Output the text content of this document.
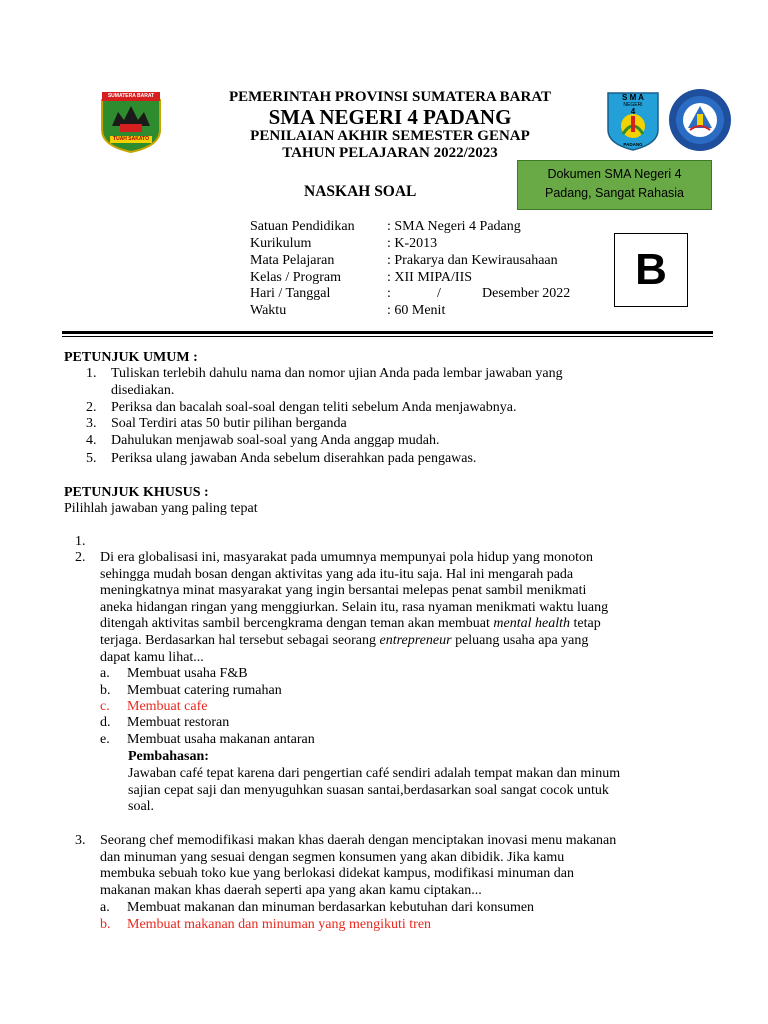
SUMATERA BARAT
TUAH SAKATO
PEMERINTAH PROVINSI SUMATERA BARAT
SMA NEGERI 4 PADANG
PENILAIAN AKHIR SEMESTER GENAP
TAHUN PELAJARAN 2022/2023
NASKAH SOAL
S M A
NEGERI
4
PADANG
Dokumen SMA Negeri 4
Padang, Sangat Rahasia
B
Satuan Pendidikan : SMA Negeri 4 Padang
Kurikulum	: K-2013
Mata Pelajaran	: Prakarya dan Kewirausahaan
Kelas / Program	: XII MIPA/IIS
Hari / Tanggal	:	/	Desember 2022
Waktu	: 60 Menit
PETUNJUK UMUM :
1. Tuliskan terlebih dahulu nama dan nomor ujian Anda pada lembar jawaban yang
disediakan.
2. Periksa dan bacalah soal-soal dengan teliti sebelum Anda menjawabnya.
3. Soal Terdiri atas 50 butir pilihan berganda
4. Dahulukan menjawab soal-soal yang Anda anggap mudah.
5. Periksa ulang jawaban Anda sebelum diserahkan pada pengawas.
PETUNJUK KHUSUS :
Pilihlah jawaban yang paling tepat
1.
2. Di era globalisasi ini, masyarakat pada umumnya mempunyai pola hidup yang monoton
sehingga mudah bosan dengan aktivitas yang ada itu-itu saja. Hal ini mengarah pada
meningkatnya minat masyarakat yang ingin bersantai melepas penat sambil menikmati
aneka hidangan ringan yang menggiurkan. Selain itu, rasa nyaman menikmati waktu luang
ditengah aktivitas sambil bercengkrama dengan teman akan membuat mental health tetap
terjaga. Berdasarkan hal tersebut sebagai seorang entrepreneur peluang usaha apa yang
dapat kamu lihat...
a. Membuat usaha F&B
b. Membuat catering rumahan
c. Membuat cafe
d. Membuat restoran
e. Membuat usaha makanan antaran
Pembahasan:
Jawaban café tepat karena dari pengertian café sendiri adalah tempat makan dan minum
sajian cepat saji dan menyuguhkan suasan santai,berdasarkan soal sangat cocok untuk
soal.
3. Seorang chef memodifikasi makan khas daerah dengan menciptakan inovasi menu makanan
dan minuman yang sesuai dengan segmen konsumen yang akan dibidik. Jika kamu
membuka sebuah toko kue yang berlokasi didekat kampus, modifikasi minuman dan
makanan makan khas daerah seperti apa yang akan kamu ciptakan...
a. Membuat makanan dan minuman berdasarkan kebutuhan dari konsumen
b. Membuat makanan dan minuman yang mengikuti tren
